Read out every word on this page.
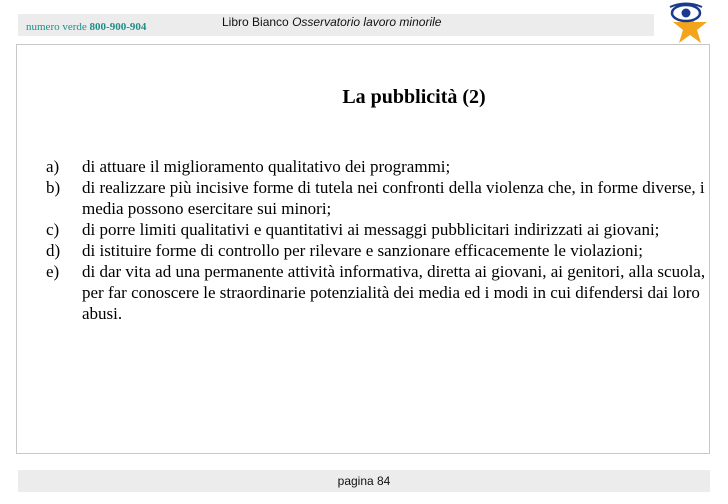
numero verde 800-900-904	Libro Bianco Osservatorio lavoro minorile
La pubblicità (2)
a)	di attuare il miglioramento qualitativo dei programmi;
b)	di realizzare più incisive forme di tutela nei confronti della violenza che, in forme diverse, i media possono esercitare sui minori;
c)	di porre limiti qualitativi e quantitativi ai messaggi pubblicitari indirizzati ai giovani;
d)	di istituire forme di controllo per rilevare e sanzionare efficacemente le violazioni;
e)	di dar vita ad una permanente attività informativa, diretta ai giovani, ai genitori, alla scuola, per far conoscere le straordinarie potenzialità dei media ed i modi in cui difendersi dai loro abusi.
pagina 84
